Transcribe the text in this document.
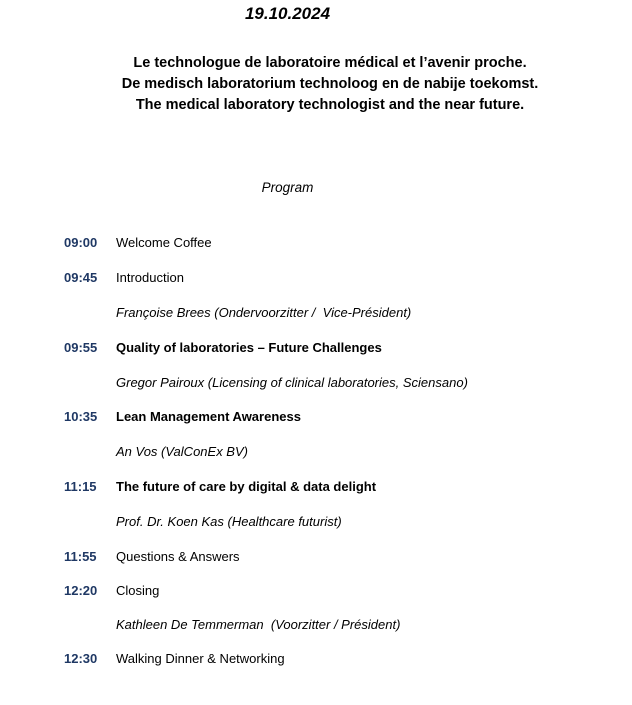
19.10.2024
Le technologue de laboratoire médical et l’avenir proche.
De medisch laboratorium technoloog en de nabije toekomst.
The medical laboratory technologist and the near future.
Program
09:00 Welcome Coffee
09:45 Introduction
Françoise Brees (Ondervoorzitter /  Vice-Président)
09:55 Quality of laboratories – Future Challenges
Gregor Pairoux (Licensing of clinical laboratories, Sciensano)
10:35 Lean Management Awareness
An Vos (ValConEx BV)
11:15 The future of care by digital & data delight
Prof. Dr. Koen Kas (Healthcare futurist)
11:55 Questions & Answers
12:20 Closing
Kathleen De Temmerman  (Voorzitter / Président)
12:30 Walking Dinner & Networking
